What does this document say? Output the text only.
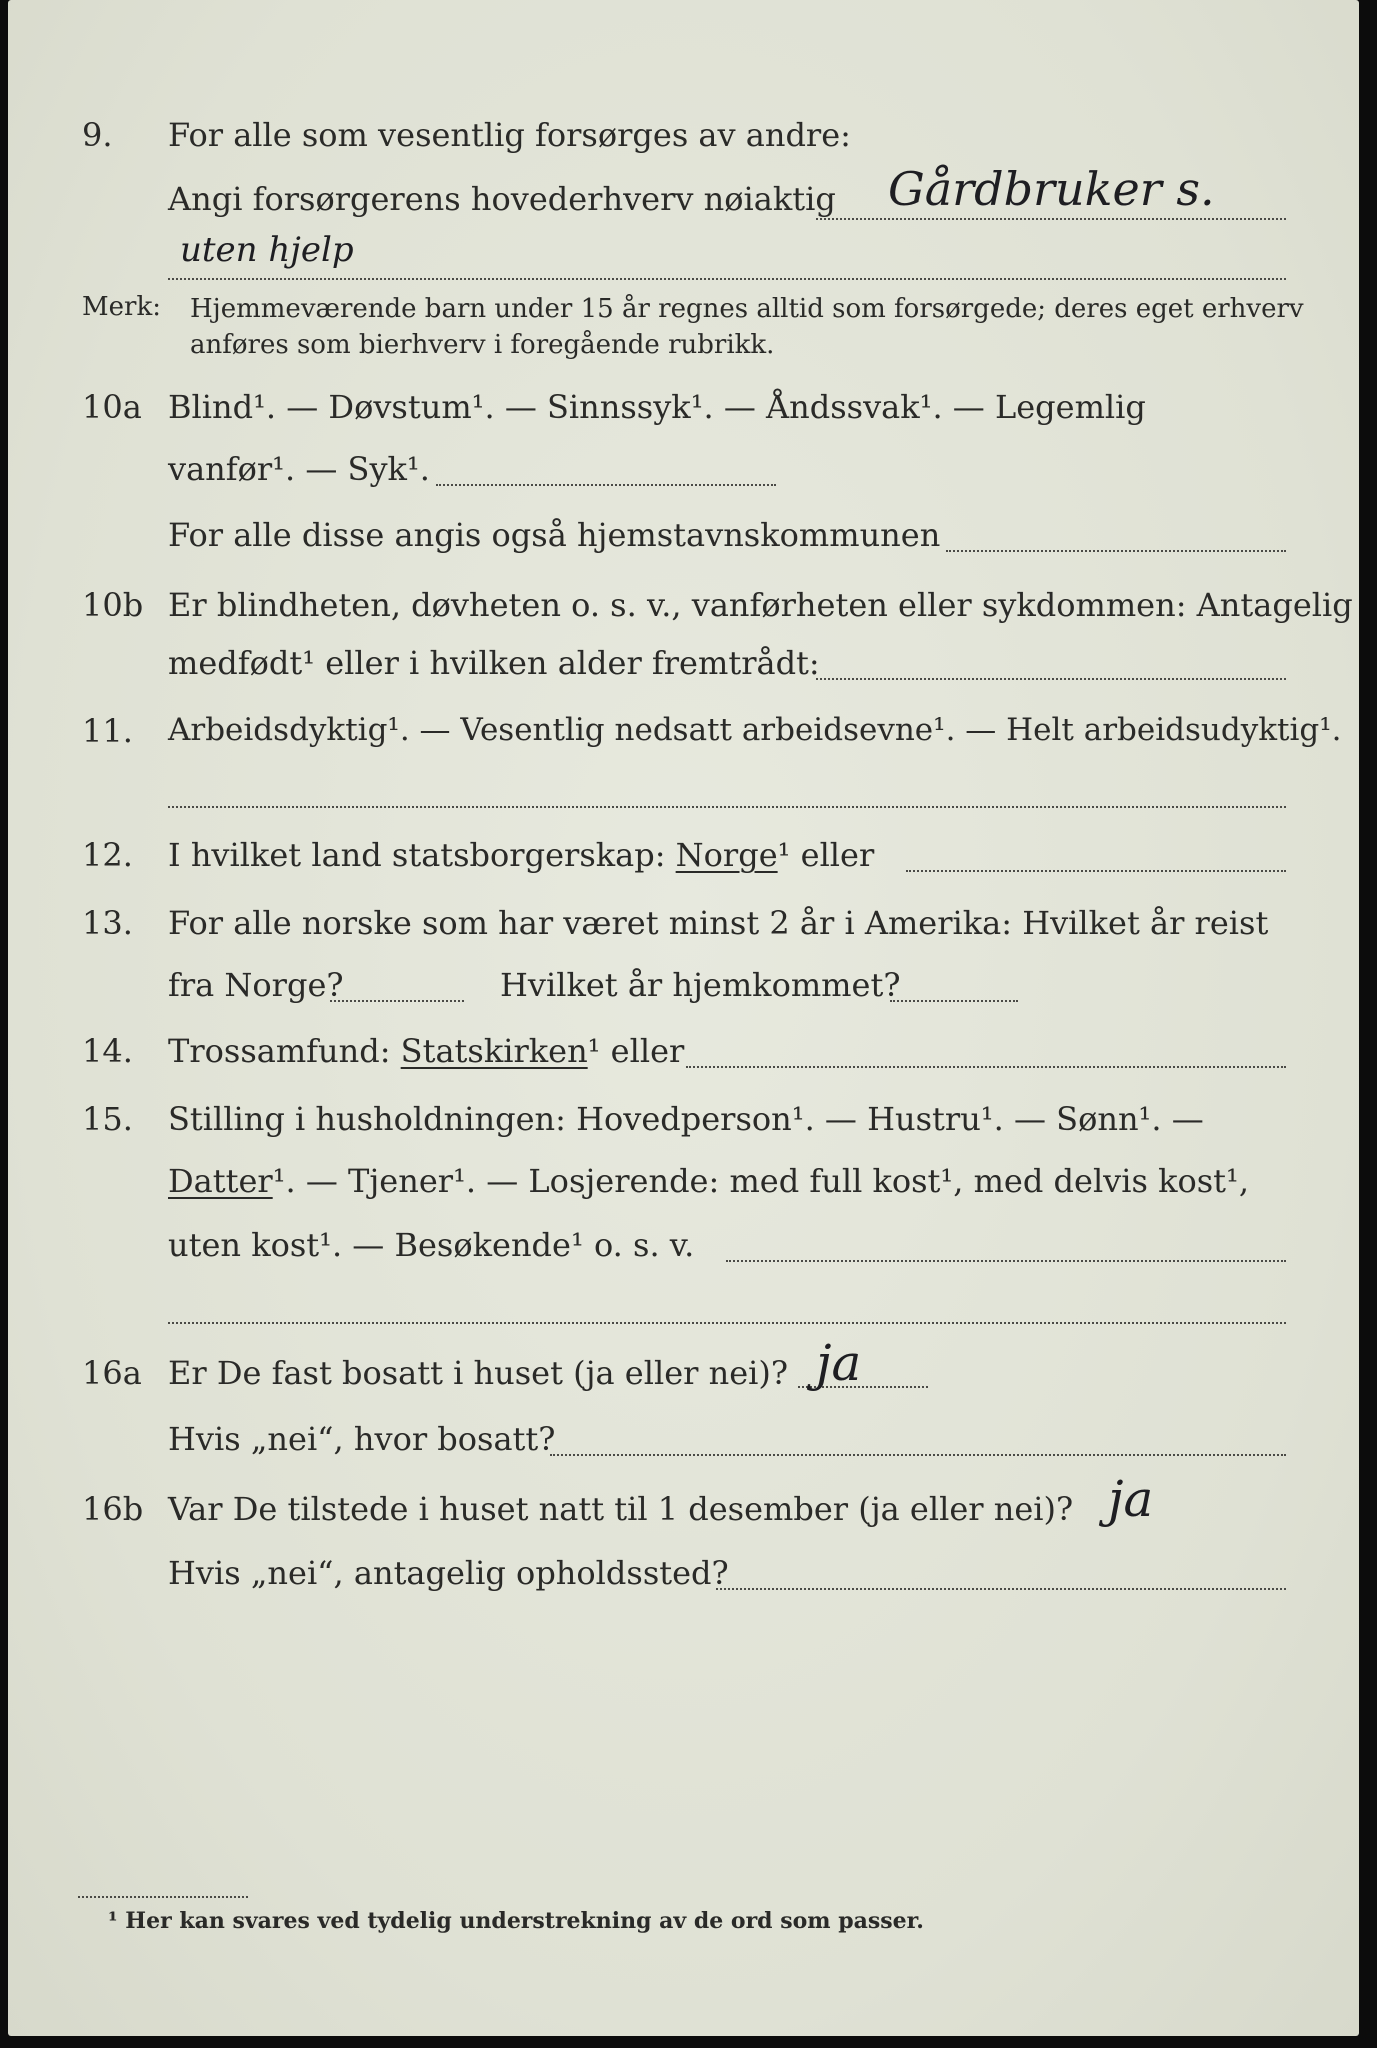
9. For alle som vesentlig forsørges av andre:
Angi forsørgerens hovederhverv nøiaktig Gårdbruker s.
uten hjelp
Merk: Hjemmeværende barn under 15 år regnes alltid som forsørgede; deres eget erhverv
anføres som bierhverv i foregående rubrikk.
10a Blind¹. — Døvstum¹. — Sinnssyk¹. — Åndssvak¹. — Legemlig
vanfør¹. — Syk¹.
For alle disse angis også hjemstavnskommunen
10b Er blindheten, døvheten o. s. v., vanførheten eller sykdommen: Antagelig
medfødt¹ eller i hvilken alder fremtrådt:
11. Arbeidsdyktig¹. — Vesentlig nedsatt arbeidsevne¹. — Helt arbeidsudyktig¹.
12. I hvilket land statsborgerskap: Norge¹ eller
13. For alle norske som har været minst 2 år i Amerika: Hvilket år reist
fra Norge?	Hvilket år hjemkommet?
14. Trossamfund: Statskirken¹ eller
15. Stilling i husholdningen: Hovedperson¹. — Hustru¹. — Sønn¹. —
Datter¹. — Tjener¹. — Losjerende: med full kost¹, med delvis kost¹,
uten kost¹. — Besøkende¹ o. s. v.
16a Er De fast bosatt i huset (ja eller nei)? ja
Hvis „nei“, hvor bosatt?
16b Var De tilstede i huset natt til 1 desember (ja eller nei)? ja
Hvis „nei“, antagelig opholdssted?
¹ Her kan svares ved tydelig understrekning av de ord som passer.
